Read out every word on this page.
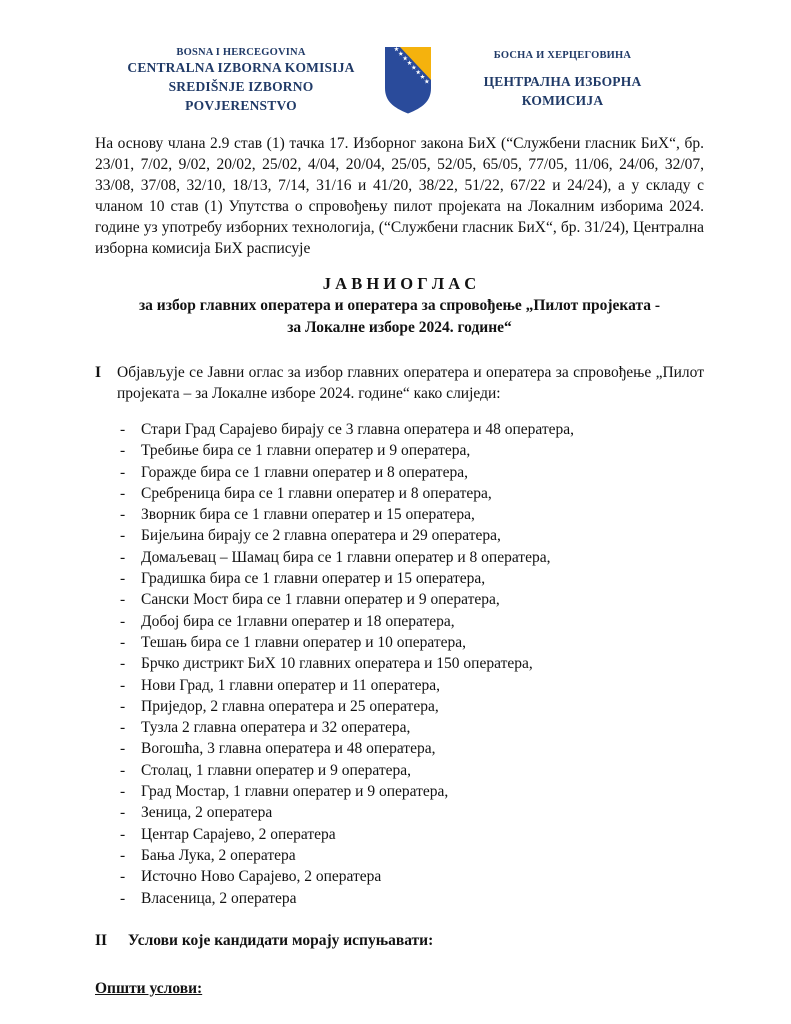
BOSNA I HERCEGOVINA
CENTRALNA IZBORNA KOMISIJA
SREDIŠNJE IZBORNO POVJERENSTVO
БОСНА И ХЕРЦЕГОВИНА
ЦЕНТРАЛНА ИЗБОРНА КОМИСИЈА

На основу члана 2.9 став (1) тачка 17. Изборног закона БиХ (“Службени гласник БиХ“, бр. 23/01, 7/02, 9/02, 20/02, 25/02, 4/04, 20/04, 25/05, 52/05, 65/05, 77/05, 11/06, 24/06, 32/07, 33/08, 37/08, 32/10, 18/13, 7/14, 31/16 и 41/20, 38/22, 51/22, 67/22 и 24/24), а у складу с чланом 10 став (1) Упутства о спровођењу пилот пројеката на Локалним изборима 2024. године уз употребу изборних технологија, (“Службени гласник БиХ“, бр. 31/24), Централна изборна комисија БиХ расписује

Ј А В Н И О Г Л А С
за избор главних оператера и оператера за спровођење „Пилот пројеката -
за Локалне изборе 2024. године“
I	Објављује се Јавни оглас за избор главних оператера и оператера за спровођење „Пилот пројеката – за Локалне изборе 2024. године“ како слиједи:
-	Стари Град Сарајево бирају се 3 главна оператера и 48 оператера,
-	Требиње бира се 1 главни оператер и 9 оператера,
-	Горажде бира се 1 главни оператер и 8 оператера,
-	Сребреница бира се 1 главни оператер и 8 оператера,
-	Зворник бира се 1 главни оператер и 15 оператера,
-	Бијељина бирају се 2 главна оператера и 29 оператера,
-	Домаљевац – Шамац бира се 1 главни оператер и 8 оператера,
-	Градишка бира се 1 главни оператер и 15 оператера,
-	Сански Мост бира се 1 главни оператер и 9 оператера,
-	Добој бира се 1главни оператер и 18 оператера,
-	Тешањ бира се 1 главни оператер и 10 оператера,
-	Брчко дистрикт БиХ 10 главних оператера и 150 оператера,
-	Нови Град, 1 главни оператер и 11 оператера,
-	Приједор, 2 главна оператера и 25 оператера,
-	Тузла 2 главна оператера и 32 оператера,
-	Вогошћа, 3 главна оператера и 48 оператера,
-	Столац, 1 главни оператер и 9 оператера,
-	Град Мостар, 1 главни оператер и 9 оператера,
-	Зеница, 2 оператера
-	Центар Сарајево, 2 оператера
-	Бања Лука, 2 оператера
-	Источно Ново Сарајево, 2 оператера
-	Власеница, 2 оператера
II	Услови које кандидати морају испуњавати:
Општи услови:
